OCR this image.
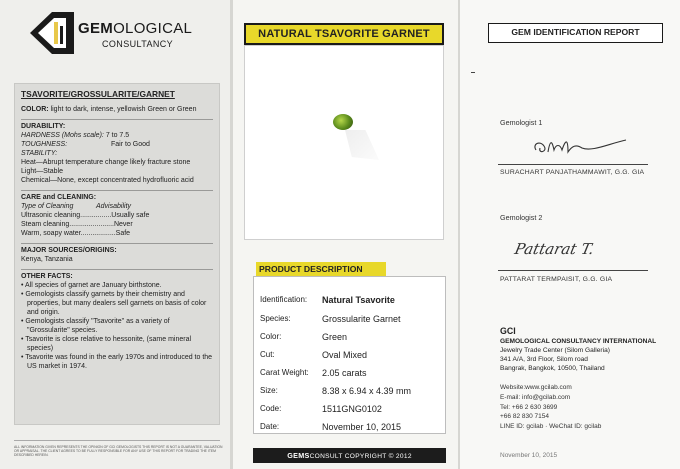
GEMOLOGICAL
CONSULTANCY
TSAVORITE/GROSSULARITE/GARNET
COLOR: light to dark, intense, yellowish Green or Green
DURABILITY:
HARDNESS (Mohs scale): 7 to 7.5
TOUGHNESS:	Fair to Good
STABILITY:
Heat—Abrupt temperature change likely fracture stone
Light—Stable
Chemical—None, except concentrated hydrofluoric acid
CARE and CLEANING:
Type of Cleaning	Advisability
Ultrasonic cleaning................Usually safe
Steam cleaning.......................Never
Warm, soapy water..................Safe
MAJOR SOURCES/ORIGINS:
Kenya, Tanzania
OTHER FACTS:
• All species of garnet are January birthstone.
• Gemologists classify garnets by their chemistry and properties, but many dealers sell garnets on basis of color and origin.
• Gemologists classify "Tsavorite" as a variety of "Grossularite" species.
• Tsavorite is close relative to hessonite, (same mineral species)
• Tsavorite was found in the early 1970s and introduced to the US market in 1974.
ALL INFORMATION GIVEN REPRESENTS THE OPINION OF GCI GEMOLOGISTS THIS REPORT IS NOT A GUARANTEE, VALUATION OR APPRAISAL. THE CLIENT AGREES TO BE FULLY RESPONSIBLE FOR ANY USE OF THIS REPORT FOR TRADING THE ITEM DESCRIBED HEREIN.
NATURAL TSAVORITE GARNET
PRODUCT DESCRIPTION
Identification:	Natural Tsavorite
Species:	Grossularite Garnet
Color:	Green
Cut:	Oval Mixed
Carat Weight:	2.05 carats
Size:	8.38 x 6.94 x 4.39 mm
Code:	1511GNG0102
Date:	November 10, 2015
GEMSCONSULT COPYRIGHT © 2012
GEM IDENTIFICATION REPORT
Gemologist 1
SURACHART PANJATHAMMAWIT, G.G. GIA
Gemologist 2
Pattarat T.
PATTARAT TERMPAISIT, G.G. GIA
GCI
GEMOLOGICAL CONSULTANCY INTERNATIONAL
Jewelry Trade Center (Silom Galleria)
341 A/A, 3rd Floor, Silom road
Bangrak, Bangkok, 10500, Thailand
Website:www.gcilab.com
E-mail: info@gcilab.com
Tel: +66 2 630 3699
+66 82 830 7154
LINE ID: gcilab · WeChat ID: gcilab
November 10, 2015
